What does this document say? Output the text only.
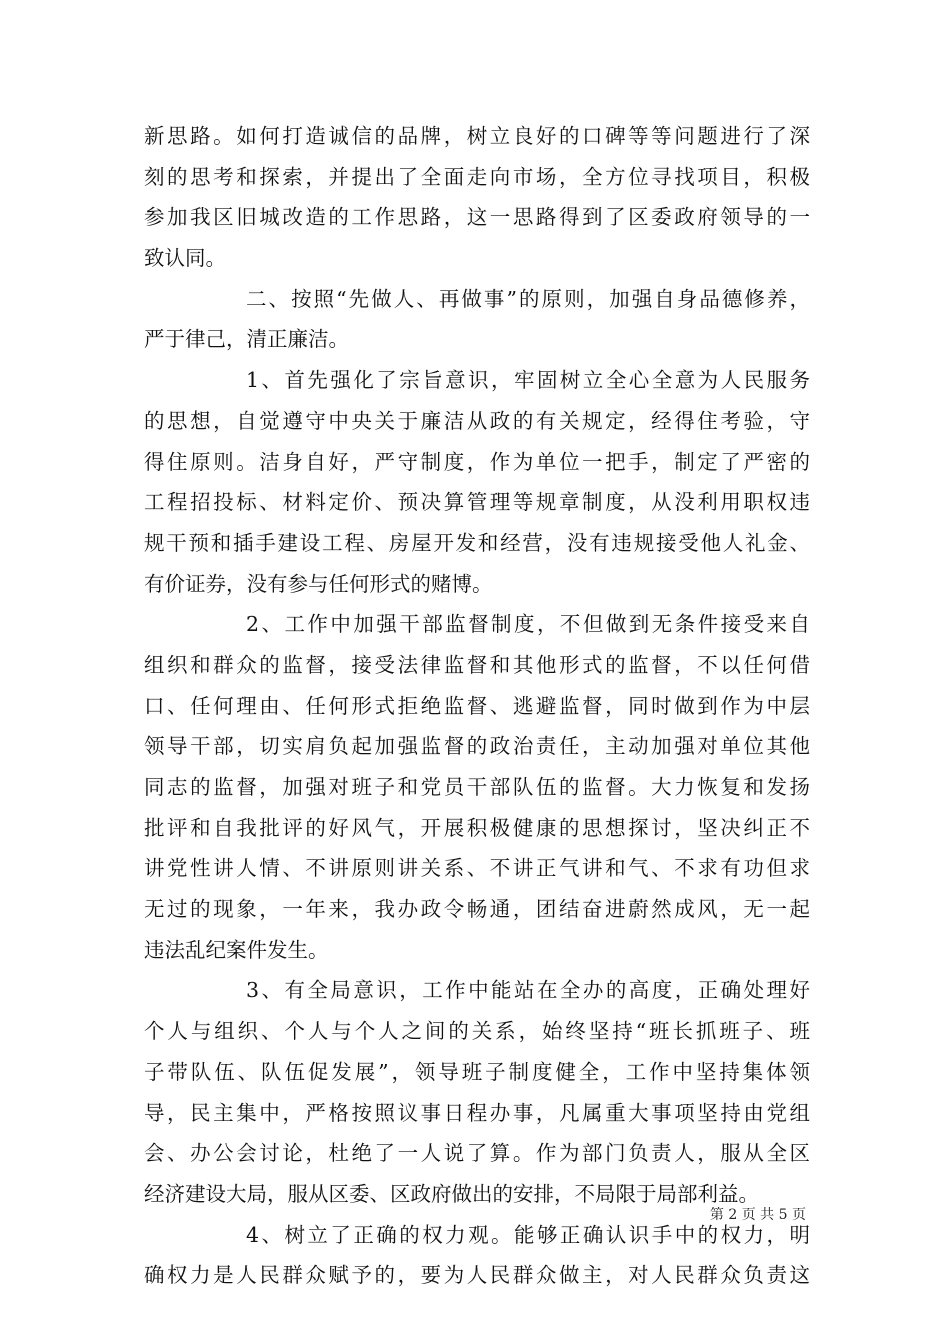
新思路。如何打造诚信的品牌，树立良好的口碑等等问题进行了深
刻的思考和探索，并提出了全面走向市场，全方位寻找项目，积极
参加我区旧城改造的工作思路，这一思路得到了区委政府领导的一
致认同。
二、按照“先做人、再做事”的原则，加强自身品德修养，
严于律己，清正廉洁。
1、首先强化了宗旨意识，牢固树立全心全意为人民服务
的思想，自觉遵守中央关于廉洁从政的有关规定，经得住考验，守
得住原则。洁身自好，严守制度，作为单位一把手，制定了严密的
工程招投标、材料定价、预决算管理等规章制度，从没利用职权违
规干预和插手建设工程、房屋开发和经营，没有违规接受他人礼金、
有价证券，没有参与任何形式的赌博。
2、工作中加强干部监督制度，不但做到无条件接受来自
组织和群众的监督，接受法律监督和其他形式的监督，不以任何借
口、任何理由、任何形式拒绝监督、逃避监督，同时做到作为中层
领导干部，切实肩负起加强监督的政治责任，主动加强对单位其他
同志的监督，加强对班子和党员干部队伍的监督。大力恢复和发扬
批评和自我批评的好风气，开展积极健康的思想探讨，坚决纠正不
讲党性讲人情、不讲原则讲关系、不讲正气讲和气、不求有功但求
无过的现象，一年来，我办政令畅通，团结奋进蔚然成风，无一起
违法乱纪案件发生。
3、有全局意识，工作中能站在全办的高度，正确处理好
个人与组织、个人与个人之间的关系，始终坚持“班长抓班子、班
子带队伍、队伍促发展”，领导班子制度健全，工作中坚持集体领
导，民主集中，严格按照议事日程办事，凡属重大事项坚持由党组
会、办公会讨论，杜绝了一人说了算。作为部门负责人，服从全区
经济建设大局，服从区委、区政府做出的安排，不局限于局部利益。
4、树立了正确的权力观。能够正确认识手中的权力，明
确权力是人民群众赋予的，要为人民群众做主，对人民群众负责这
第 2 页 共 5 页
